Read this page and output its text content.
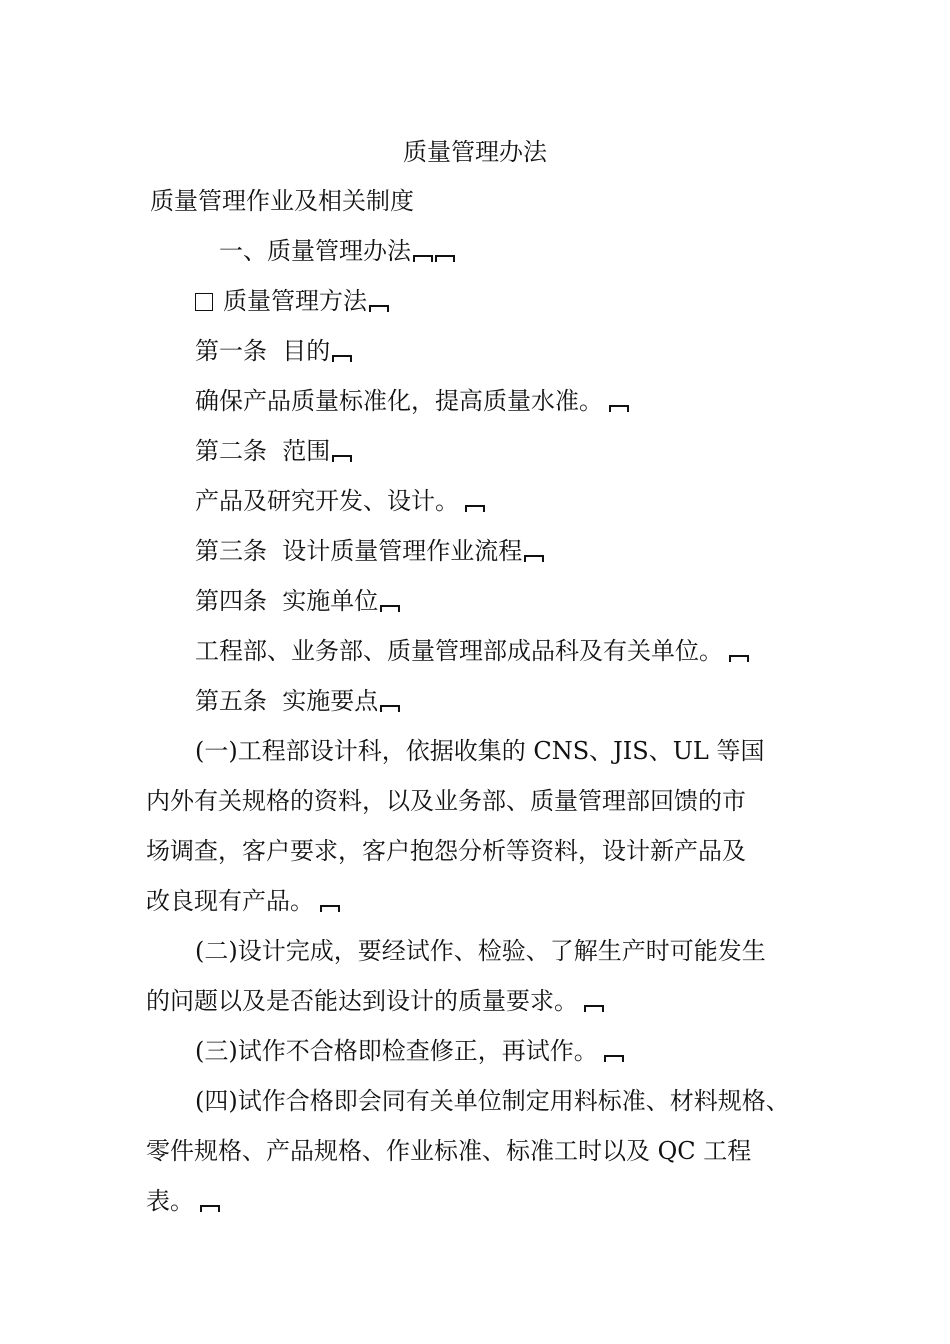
质量管理办法
质量管理作业及相关制度
一、质量管理办法
质量管理方法
第一条  目的
确保产品质量标准化，提高质量水准。
第二条  范围
产品及研究开发、设计。
第三条  设计质量管理作业流程
第四条  实施单位
工程部、业务部、质量管理部成品科及有关单位。
第五条  实施要点
(一)工程部设计科，依据收集的 CNS、JIS、UL 等国
内外有关规格的资料，以及业务部、质量管理部回馈的市
场调查，客户要求，客户抱怨分析等资料，设计新产品及
改良现有产品。
(二)设计完成，要经试作、检验、了解生产时可能发生
的问题以及是否能达到设计的质量要求。
(三)试作不合格即检查修正，再试作。
(四)试作合格即会同有关单位制定用料标准、材料规格、
零件规格、产品规格、作业标准、标准工时以及 QC 工程
表。
